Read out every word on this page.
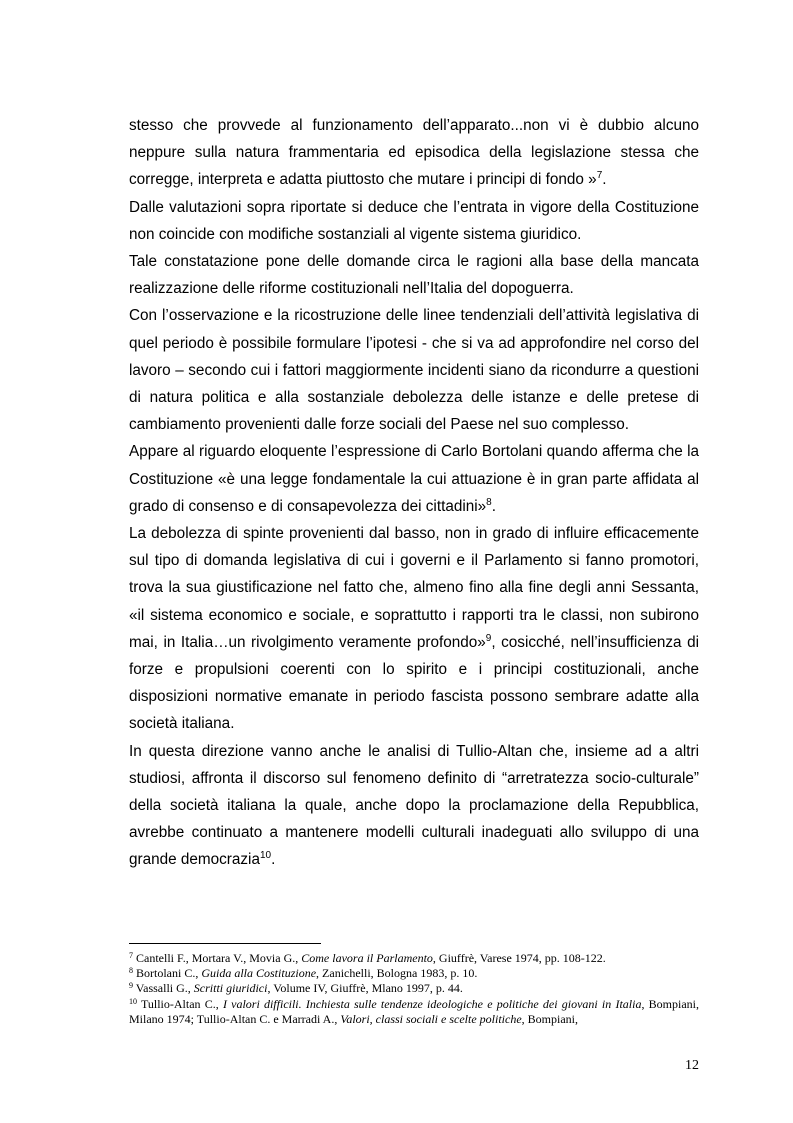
stesso che provvede al funzionamento dell’apparato...non vi è dubbio alcuno neppure sulla natura frammentaria ed episodica della legislazione stessa che corregge, interpreta e adatta piuttosto che mutare i principi di fondo »$^7$.

Dalle valutazioni sopra riportate si deduce che l’entrata in vigore della Costituzione non coincide con modifiche sostanziali al vigente sistema giuridico.

Tale constatazione pone delle domande circa le ragioni alla base della mancata realizzazione delle riforme costituzionali nell’Italia del dopoguerra.

Con l’osservazione e la ricostruzione delle linee tendenziali dell’attività legislativa di quel periodo è possibile formulare l’ipotesi - che si va ad approfondire nel corso del lavoro – secondo cui i fattori maggiormente incidenti siano da ricondurre a questioni di natura politica e alla sostanziale debolezza delle istanze e delle pretese di cambiamento provenienti dalle forze sociali del Paese nel suo complesso.

Appare al riguardo eloquente l’espressione di Carlo Bortolani quando afferma che la Costituzione «è una legge fondamentale la cui attuazione è in gran parte affidata al grado di consenso e di consapevolezza dei cittadini»$^8$.

La debolezza di spinte provenienti dal basso, non in grado di influire efficacemente sul tipo di domanda legislativa di cui i governi e il Parlamento si fanno promotori, trova la sua giustificazione nel fatto che, almeno fino alla fine degli anni Sessanta, «il sistema economico e sociale, e soprattutto i rapporti tra le classi, non subirono mai, in Italia…un rivolgimento veramente profondo»$^9$, cosicché, nell’insufficienza di forze e propulsioni coerenti con lo spirito e i principi costituzionali, anche disposizioni normative emanate in periodo fascista possono sembrare adatte alla società italiana.

In questa direzione vanno anche le analisi di Tullio-Altan che, insieme ad a altri studiosi, affronta il discorso sul fenomeno definito di “arretratezza socio-culturale” della società italiana la quale, anche dopo la proclamazione della Repubblica, avrebbe continuato a mantenere modelli culturali inadeguati allo sviluppo di una grande democrazia$^{10}$.

$^7$ Cantelli F., Mortara V., Movia G., Come lavora il Parlamento, Giuffrè, Varese 1974, pp. 108-122.

$^8$ Bortolani C., Guida alla Costituzione, Zanichelli, Bologna 1983, p. 10.

$^9$ Vassalli G., Scritti giuridici, Volume IV, Giuffrè, Mlano 1997, p. 44.

$^{10}$ Tullio-Altan C., I valori difficili. Inchiesta sulle tendenze ideologiche e politiche dei giovani in Italia, Bompiani, Milano 1974; Tullio-Altan C. e Marradi A., Valori, classi sociali e scelte politiche, Bompiani,

12
